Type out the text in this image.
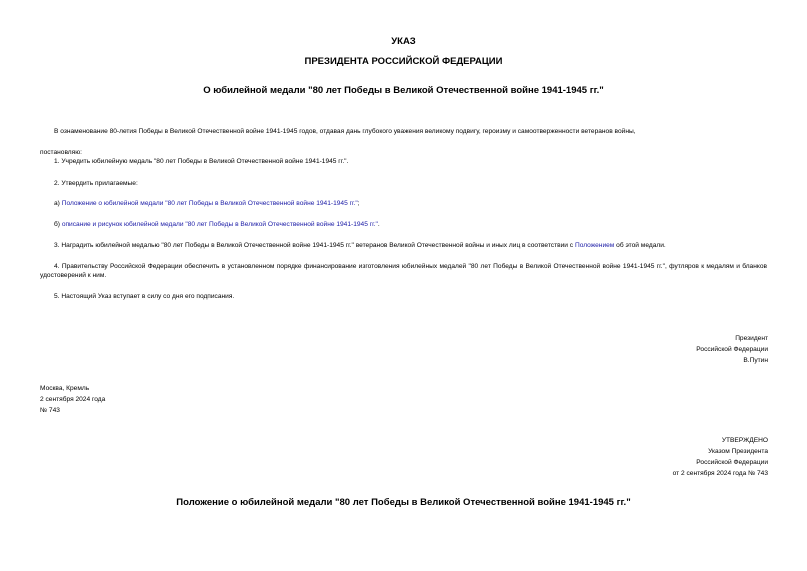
УКАЗ
ПРЕЗИДЕНТА РОССИЙСКОЙ ФЕДЕРАЦИИ
О юбилейной медали "80 лет Победы в Великой Отечественной войне 1941-1945 гг."
В ознаменование 80-летия Победы в Великой Отечественной войне 1941-1945 годов, отдавая дань глубокого уважения великому подвигу, героизму и самоотверженности ветеранов войны,
постановляю:
1. Учредить юбилейную медаль "80 лет Победы в Великой Отечественной войне 1941-1945 гг.".
2. Утвердить прилагаемые:
а) Положение о юбилейной медали "80 лет Победы в Великой Отечественной войне 1941-1945 гг.";
б) описание и рисунок юбилейной медали "80 лет Победы в Великой Отечественной войне 1941-1945 гг.".
3. Наградить юбилейной медалью "80 лет Победы в Великой Отечественной войне 1941-1945 гг." ветеранов Великой Отечественной войны и иных лиц в соответствии с Положением об этой медали.
4. Правительству Российской Федерации обеспечить в установленном порядке финансирование изготовления юбилейных медалей "80 лет Победы в Великой Отечественной войне 1941-1945 гг.", футляров к медалям и бланков удостоверений к ним.
5. Настоящий Указ вступает в силу со дня его подписания.
Президент
Российской Федерации
В.Путин
Москва, Кремль
2 сентября 2024 года
№ 743
УТВЕРЖДЕНО
Указом Президента
Российской Федерации
от 2 сентября 2024 года № 743
Положение о юбилейной медали "80 лет Победы в Великой Отечественной войне 1941-1945 гг."
